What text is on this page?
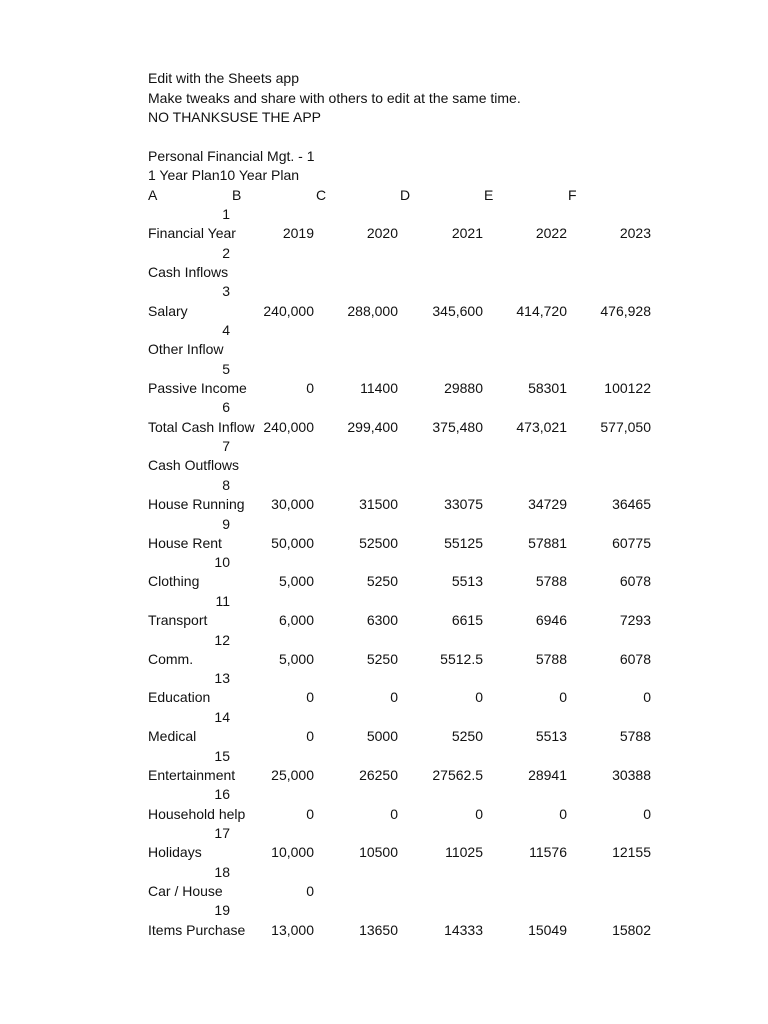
Edit with the Sheets app
Make tweaks and share with others to edit at the same time.
NO THANKSUSE THE APP
Personal Financial Mgt. - 1
1 Year Plan10 Year Plan
A	B	C	D	E	F
1
Financial Year	2019	2020	2021	2022	2023
2
Cash Inflows
3
Salary	240,000	288,000	345,600	414,720	476,928
4
Other Inflow
5
Passive Income	0	11400	29880	58301	100122
6
Total Cash Inflow 240,000	299,400	375,480	473,021	577,050
7
Cash Outflows
8
House Running	30,000	31500	33075	34729	36465
9
House Rent	50,000	52500	55125	57881	60775
10
Clothing	5,000	5250	5513	5788	6078
11
Transport	6,000	6300	6615	6946	7293
12
Comm.	5,000	5250	5512.5	5788	6078
13
Education	0	0	0	0	0
14
Medical	0	5000	5250	5513	5788
15
Entertainment	25,000	26250	27562.5	28941	30388
16
Household help	0	0	0	0	0
17
Holidays	10,000	10500	11025	11576	12155
18
Car / House	0
19
Items Purchase	13,000	13650	14333	15049	15802
